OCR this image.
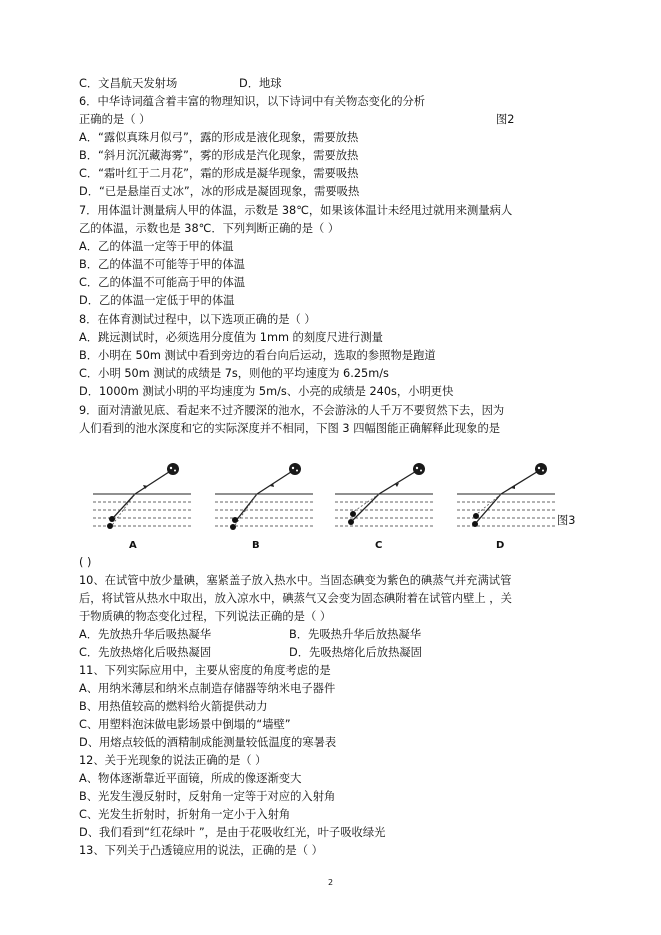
C．文昌航天发射场	D．地球
6．中华诗词蕴含着丰富的物理知识，以下诗词中有关物态变化的分析
正确的是（ ）	图2
A．“露似真珠月似弓”，露的形成是液化现象，需要放热
B．“斜月沉沉藏海雾”，雾的形成是汽化现象，需要放热
C．“霜叶红于二月花”，霜的形成是凝华现象，需要吸热
D．“已是悬崖百丈冰”，冰的形成是凝固现象，需要吸热
7．用体温计测量病人甲的体温，示数是 38℃，如果该体温计未经甩过就用来测量病人
乙的体温，示数也是 38℃．下列判断正确的是（ ）
A．乙的体温一定等于甲的体温
B．乙的体温不可能等于甲的体温
C．乙的体温不可能高于甲的体温
D．乙的体温一定低于甲的体温
8．在体育测试过程中，以下选项正确的是（ ）
A．跳远测试时，必须选用分度值为 1mm 的刻度尺进行测量
B．小明在 50m 测试中看到旁边的看台向后运动，选取的参照物是跑道
C．小明 50m 测试的成绩是 7s，则他的平均速度为 6.25m/s
D．1000m 测试小明的平均速度为 5m/s、小亮的成绩是 240s，小明更快
9．面对清澈见底、看起来不过齐腰深的池水，不会游泳的人千万不要贸然下去，因为
人们看到的池水深度和它的实际深度并不相同，下图 3 四幅图能正确解释此现象的是
A	B	C	D
图3
( )
10、在试管中放少量碘，塞紧盖子放入热水中。当固态碘变为紫色的碘蒸气并充满试管
后，将试管从热水中取出，放入凉水中，碘蒸气又会变为固态碘附着在试管内壁上 ，关
于物质碘的物态变化过程，下列说法正确的是（ ）
A．先放热升华后吸热凝华	B．先吸热升华后放热凝华
C．先放热熔化后吸热凝固	D．先吸热熔化后放热凝固
11、下列实际应用中，主要从密度的角度考虑的是
A、用纳米薄层和纳米点制造存储器等纳米电子器件
B、用热值较高的燃料给火箭提供动力
C、用塑料泡沫做电影场景中倒塌的“墙壁”
D、用熔点较低的酒精制成能测量较低温度的寒暑表
12、关于光现象的说法正确的是（ ）
A、物体逐渐靠近平面镜，所成的像逐渐变大
B、光发生漫反射时，反射角一定等于对应的入射角
C、光发生折射时，折射角一定小于入射角
D、我们看到“红花绿叶 ”，是由于花吸收红光，叶子吸收绿光
13、下列关于凸透镜应用的说法，正确的是（ ）
2
